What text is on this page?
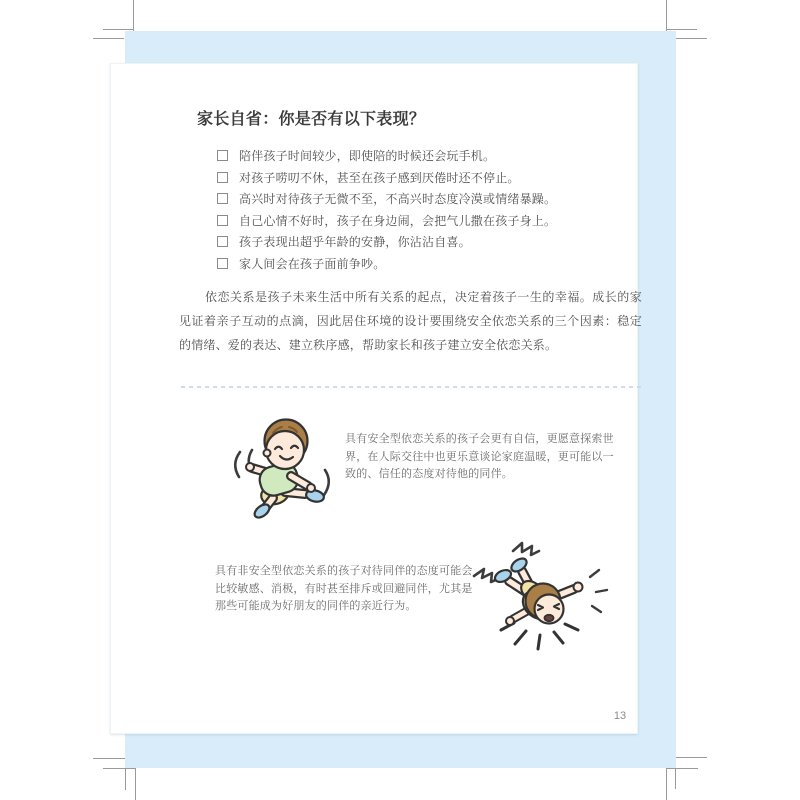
家长自省：你是否有以下表现？
陪伴孩子时间较少，即使陪的时候还会玩手机。
对孩子唠叨不休，甚至在孩子感到厌倦时还不停止。
高兴时对待孩子无微不至，不高兴时态度冷漠或情绪暴躁。
自己心情不好时，孩子在身边闹，会把气儿撒在孩子身上。
孩子表现出超乎年龄的安静，你沾沾自喜。
家人间会在孩子面前争吵。
依恋关系是孩子未来生活中所有关系的起点，决定着孩子一生的幸福。成长的家见证着亲子互动的点滴，因此居住环境的设计要围绕安全依恋关系的三个因素：稳定的情绪、爱的表达、建立秩序感，帮助家长和孩子建立安全依恋关系。
具有安全型依恋关系的孩子会更有自信，更愿意探索世
界，在人际交往中也更乐意谈论家庭温暖，更可能以一
致的、信任的态度对待他的同伴。
具有非安全型依恋关系的孩子对待同伴的态度可能会
比较敏感、消极，有时甚至排斥或回避同伴，尤其是
那些可能成为好朋友的同伴的亲近行为。
13
